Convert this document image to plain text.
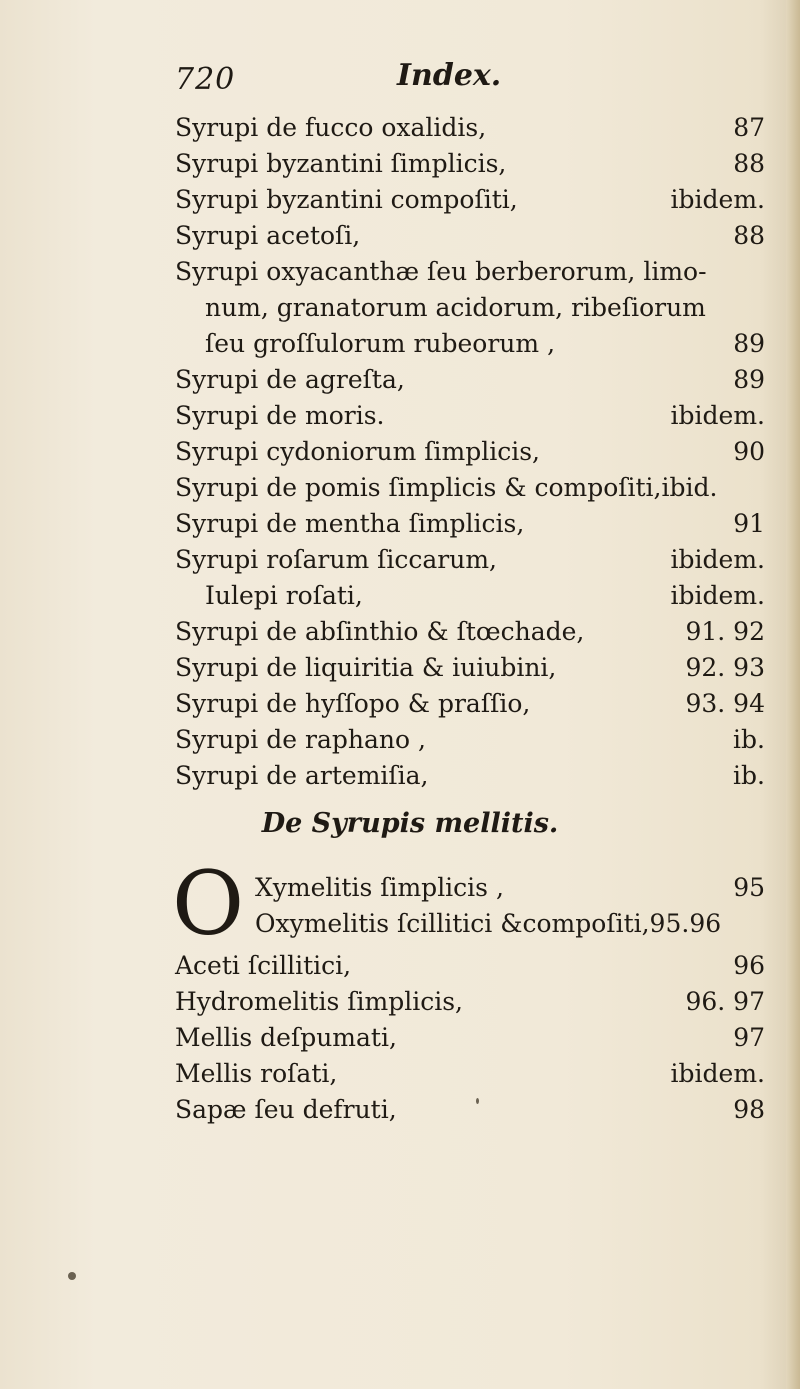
720	Index.
Syrupi de fucco oxalidis,	87
Syrupi byzantini ſimplicis,	88
Syrupi byzantini compoſiti,	ibidem.
Syrupi acetoſi,	88
Syrupi oxyacanthæ ſeu berberorum, limo-
num, granatorum acidorum, ribeſiorum
ſeu groſſulorum rubeorum ,	89
Syrupi de agreſta,	89
Syrupi de moris.	ibidem.
Syrupi cydoniorum ſimplicis,	90
Syrupi de pomis ſimplicis & compoſiti,ibid.
Syrupi de mentha ſimplicis,	91
Syrupi roſarum ſiccarum,	ibidem.
Iulepi roſati,	ibidem.
Syrupi de abſinthio & ſtœchade,	91. 92
Syrupi de liquiritia & iuiubini,	92. 93
Syrupi de hyſſopo & praſſio,	93. 94
Syrupi de raphano ,	ib.
Syrupi de artemiſia,	ib.
De Syrupis mellitis.
O Xymelitis ſimplicis ,	95
Oxymelitis ſcillitici &compoſiti,95.96
Aceti ſcillitici,	96
Hydromelitis ſimplicis,	96. 97
Mellis deſpumati,	97
Mellis roſati,	ibidem.
Sapæ ſeu defruti,	98
